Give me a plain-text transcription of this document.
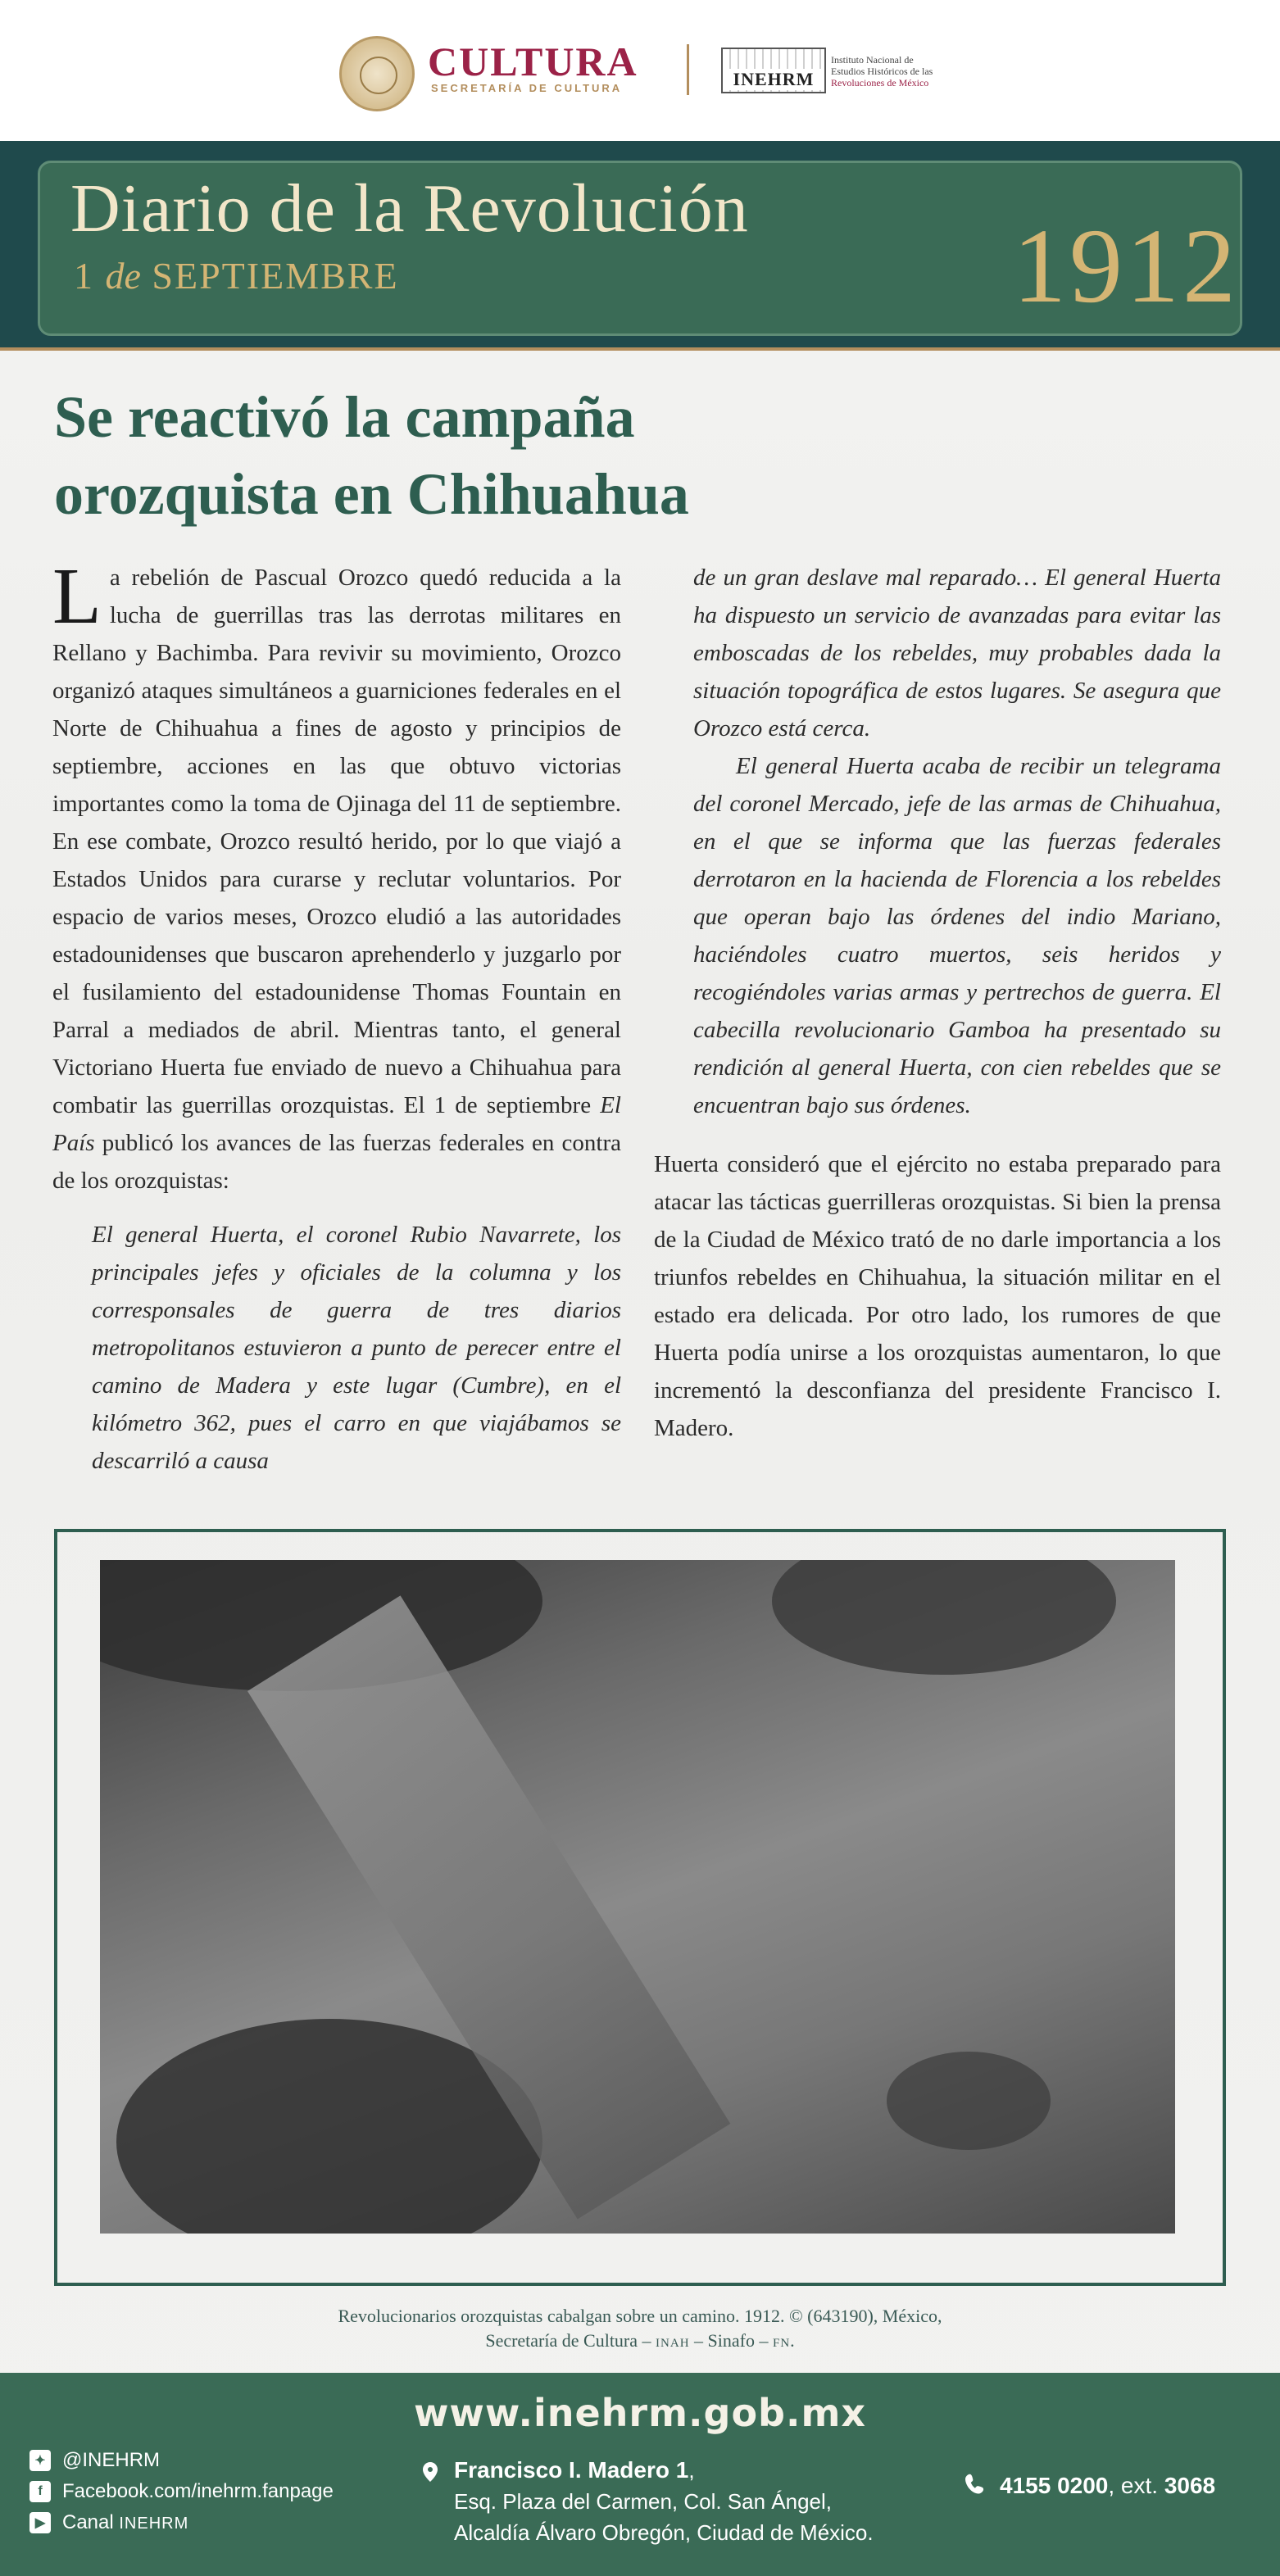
CULTURA
SECRETARÍA DE CULTURA	INEHRM
Instituto Nacional de
Estudios Históricos de las
Revoluciones de México
Diario de la Revolución
1 de SEPTIEMBRE	1912
Se reactivó la campaña orozquista en Chihuahua

La rebelión de Pascual Orozco quedó reducida a la lucha de guerrillas tras las derrotas militares en Rellano y Bachimba. Para revivir su movimiento, Orozco organizó ataques simultáneos a guarniciones federales en el Norte de Chihuahua a fines de agosto y principios de septiembre, acciones en las que obtuvo victorias importantes como la toma de Ojinaga del 11 de septiembre. En ese combate, Orozco resultó herido, por lo que viajó a Estados Unidos para curarse y reclutar voluntarios. Por espacio de varios meses, Orozco eludió a las autoridades estadounidenses que buscaron aprehenderlo y juzgarlo por el fusilamiento del estadounidense Thomas Fountain en Parral a mediados de abril. Mientras tanto, el general Victoriano Huerta fue enviado de nuevo a Chihuahua para combatir las guerrillas orozquistas. El 1 de septiembre El País publicó los avances de las fuerzas federales en contra de los orozquistas:

El general Huerta, el coronel Rubio Navarrete, los principales jefes y oficiales de la columna y los corresponsales de guerra de tres diarios metropolitanos estuvieron a punto de perecer entre el camino de Madera y este lugar (Cumbre), en el kilómetro 362, pues el carro en que viajábamos se descarriló a causa

de un gran deslave mal reparado… El general Huerta ha dispuesto un servicio de avanzadas para evitar las emboscadas de los rebeldes, muy probables dada la situación topográfica de estos lugares. Se asegura que Orozco está cerca.

El general Huerta acaba de recibir un telegrama del coronel Mercado, jefe de las armas de Chihuahua, en el que se informa que las fuerzas federales derrotaron en la hacienda de Florencia a los rebeldes que operan bajo las órdenes del indio Mariano, haciéndoles cuatro muertos, seis heridos y recogiéndoles varias armas y pertrechos de guerra. El cabecilla revolucionario Gamboa ha presentado su rendición al general Huerta, con cien rebeldes que se encuentran bajo sus órdenes.

Huerta consideró que el ejército no estaba preparado para atacar las tácticas guerrilleras orozquistas. Si bien la prensa de la Ciudad de México trató de no darle importancia a los triunfos rebeldes en Chihuahua, la situación militar en el estado era delicada. Por otro lado, los rumores de que Huerta podía unirse a los orozquistas aumentaron, lo que incrementó la desconfianza del presidente Francisco I. Madero.

Revolucionarios orozquistas cabalgan sobre un camino. 1912. © (643190), México,
Secretaría de Cultura – inah – Sinafo – fn.
www.inehrm.gob.mx
✦ @INEHRM
f	Facebook.com/inehrm.fanpage
▶ Canal INEHRM
Francisco I. Madero 1,
Esq. Plaza del Carmen, Col. San Ángel,
Alcaldía Álvaro Obregón, Ciudad de México.
4155 0200, ext. 3068
